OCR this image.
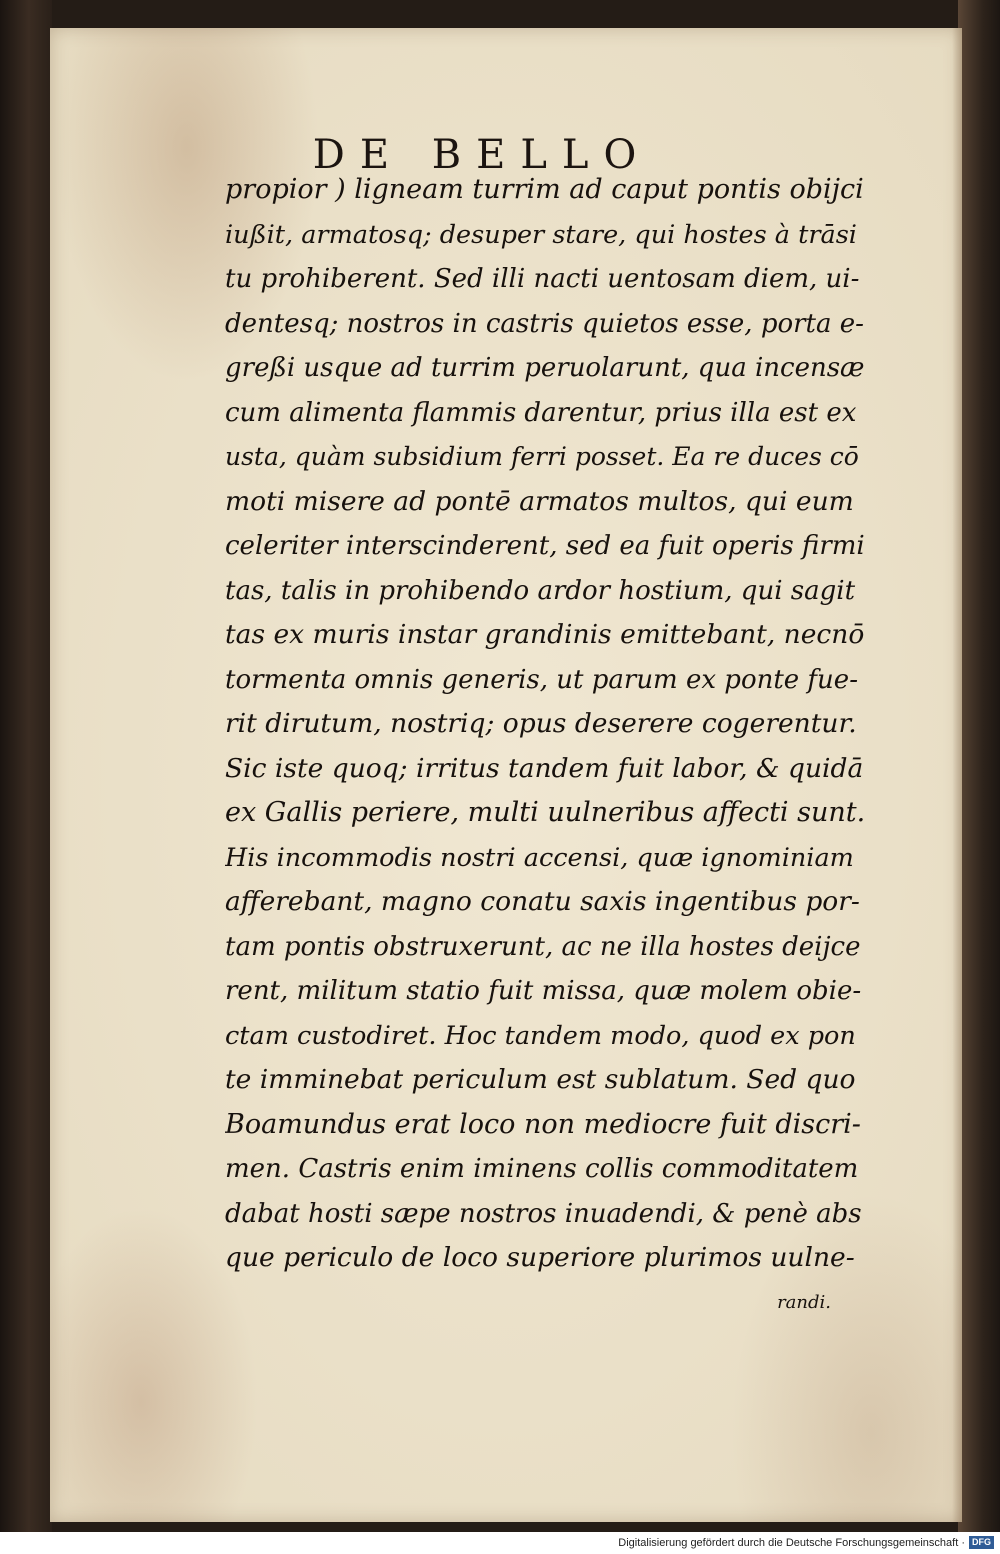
DE BELLO
propior ) ligneam turrim ad caput pontis obijci
iußit, armatosq; desuper stare, qui hostes à trāsi
tu prohiberent. Sed illi nacti uentosam diem, ui-
dentesq; nostros in castris quietos esse, porta e-
greßi usque ad turrim peruolarunt, qua incensæ
cum alimenta flammis darentur, prius illa est ex
usta, quàm subsidium ferri posset. Ea re duces cō
moti misere ad pontē armatos multos, qui eum
celeriter interscinderent, sed ea fuit operis firmi
tas, talis in prohibendo ardor hostium, qui sagit
tas ex muris instar grandinis emittebant, necnō
tormenta omnis generis, ut parum ex ponte fue-
rit dirutum, nostriq; opus deserere cogerentur.
Sic iste quoq; irritus tandem fuit labor, & quidā
ex Gallis periere, multi uulneribus affecti sunt.
His incommodis nostri accensi, quæ ignominiam
afferebant, magno conatu saxis ingentibus por-
tam pontis obstruxerunt, ac ne illa hostes deijce
rent, militum statio fuit missa, quæ molem obie-
ctam custodiret. Hoc tandem modo, quod ex pon
te imminebat periculum est sublatum. Sed quo
Boamundus erat loco non mediocre fuit discri-
men. Castris enim iminens collis commoditatem
dabat hosti sæpe nostros inuadendi, & penè abs
que periculo de loco superiore plurimos uulne-
randi.
Digitalisierung gefördert durch die Deutsche Forschungsgemeinschaft · DFG
